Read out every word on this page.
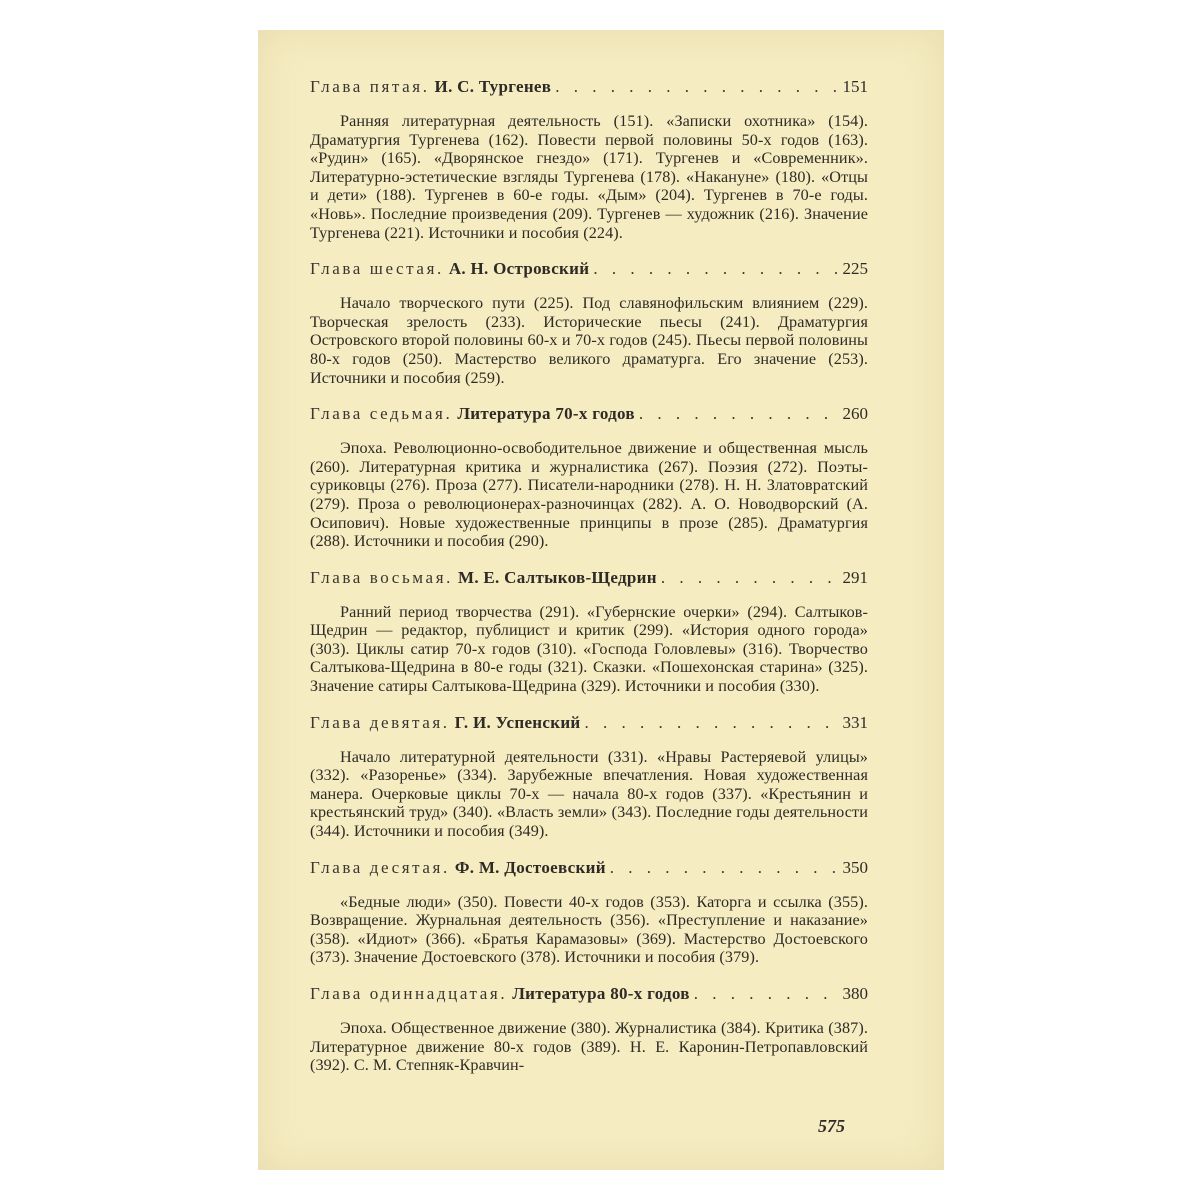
Глава пятая. И. С. Тургенев . . .	151

Ранняя литературная деятельность (151). «Записки охотника» (154). Драматургия Тургенева (162). Повести первой половины 50-х годов (163). «Рудин» (165). «Дворянское гнездо» (171). Тургенев и «Современник». Литературно-эстетические взгляды Тургенева (178). «Накануне» (180). «Отцы и дети» (188). Тургенев в 60-е годы. «Дым» (204). Тургенев в 70-е годы. «Новь». Последние произведения (209). Тургенев — художник (216). Значение Тургенева (221). Источники и пособия (224).

Глава шестая. А. Н. Островский . . .	225

Начало творческого пути (225). Под славянофильским влиянием (229). Творческая зрелость (233). Исторические пьесы (241). Драматургия Островского второй половины 60-х и 70-х годов (245). Пьесы первой половины 80-х годов (250). Мастерство великого драматурга. Его значение (253). Источники и пособия (259).

Глава седьмая. Литература 70-х годов . . .	260

Эпоха. Революционно-освободительное движение и общественная мысль (260). Литературная критика и журналистика (267). Поэзия (272). Поэты-суриковцы (276). Проза (277). Писатели-народники (278). Н. Н. Златовратский (279). Проза о революционерах-разночинцах (282). А. О. Новодворский (А. Осипович). Новые художественные принципы в прозе (285). Драматургия (288). Источники и пособия (290).

Глава восьмая. М. Е. Салтыков-Щедрин . . .	291

Ранний период творчества (291). «Губернские очерки» (294). Салтыков-Щедрин — редактор, публицист и критик (299). «История одного города» (303). Циклы сатир 70-х годов (310). «Господа Головлевы» (316). Творчество Салтыкова-Щедрина в 80-е годы (321). Сказки. «Пошехонская старина» (325). Значение сатиры Салтыкова-Щедрина (329). Источники и пособия (330).

Глава девятая. Г. И. Успенский . . .	331

Начало литературной деятельности (331). «Нравы Растеряевой улицы» (332). «Разоренье» (334). Зарубежные впечатления. Новая художественная манера. Очерковые циклы 70-х — начала 80-х годов (337). «Крестьянин и крестьянский труд» (340). «Власть земли» (343). Последние годы деятельности (344). Источники и пособия (349).

Глава десятая. Ф. М. Достоевский . . .	350

«Бедные люди» (350). Повести 40-х годов (353). Каторга и ссылка (355). Возвращение. Журнальная деятельность (356). «Преступление и наказание» (358). «Идиот» (366). «Братья Карамазовы» (369). Мастерство Достоевского (373). Значение Достоевского (378). Источники и пособия (379).

Глава одиннадцатая. Литература 80-х годов . . .	380

Эпоха. Общественное движение (380). Журналистика (384). Критика (387). Литературное движение 80-х годов (389). Н. Е. Каронин-Петропавловский (392). С. М. Степняк-Кравчин-

575
